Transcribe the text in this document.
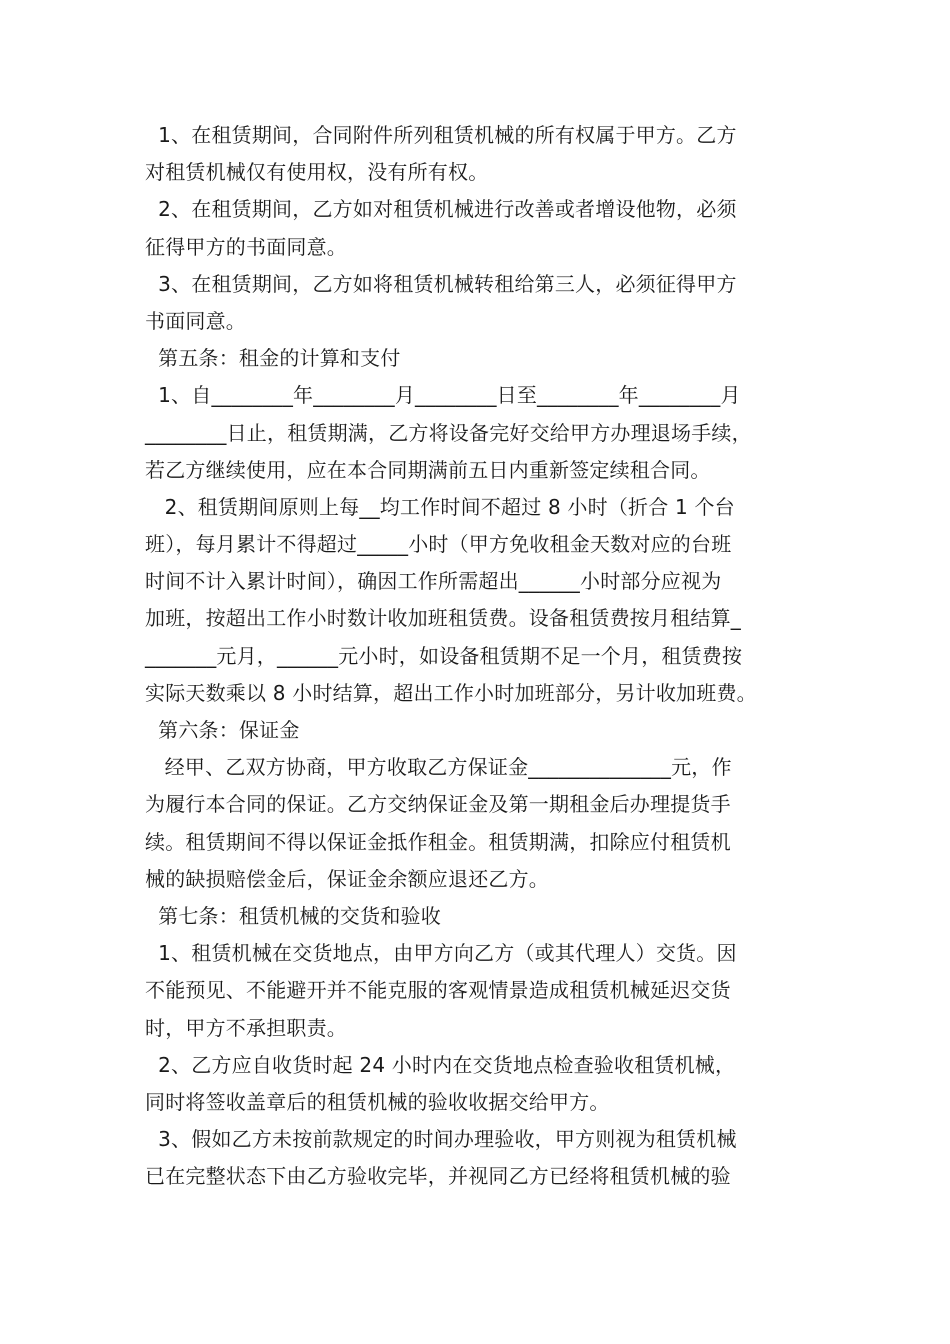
1、在租赁期间，合同附件所列租赁机械的所有权属于甲方。乙方
对租赁机械仅有使用权，没有所有权。
2、在租赁期间，乙方如对租赁机械进行改善或者增设他物，必须
征得甲方的书面同意。
3、在租赁期间，乙方如将租赁机械转租给第三人，必须征得甲方
书面同意。
第五条：租金的计算和支付
1、自________年________月________日至________年________月
________日止，租赁期满，乙方将设备完好交给甲方办理退场手续，
若乙方继续使用，应在本合同期满前五日内重新签定续租合同。
2、租赁期间原则上每__均工作时间不超过 8 小时（折合 1 个台
班），每月累计不得超过_____小时（甲方免收租金天数对应的台班
时间不计入累计时间），确因工作所需超出______小时部分应视为
加班，按超出工作小时数计收加班租赁费。设备租赁费按月租结算_
_______元月，______元小时，如设备租赁期不足一个月，租赁费按
实际天数乘以 8 小时结算，超出工作小时加班部分，另计收加班费。
第六条：保证金
经甲、乙双方协商，甲方收取乙方保证金______________元，作
为履行本合同的保证。乙方交纳保证金及第一期租金后办理提货手
续。租赁期间不得以保证金抵作租金。租赁期满，扣除应付租赁机
械的缺损赔偿金后，保证金余额应退还乙方。
第七条：租赁机械的交货和验收
1、租赁机械在交货地点，由甲方向乙方（或其代理人）交货。因
不能预见、不能避开并不能克服的客观情景造成租赁机械延迟交货
时，甲方不承担职责。
2、乙方应自收货时起 24 小时内在交货地点检查验收租赁机械，
同时将签收盖章后的租赁机械的验收收据交给甲方。
3、假如乙方未按前款规定的时间办理验收，甲方则视为租赁机械
已在完整状态下由乙方验收完毕，并视同乙方已经将租赁机械的验
